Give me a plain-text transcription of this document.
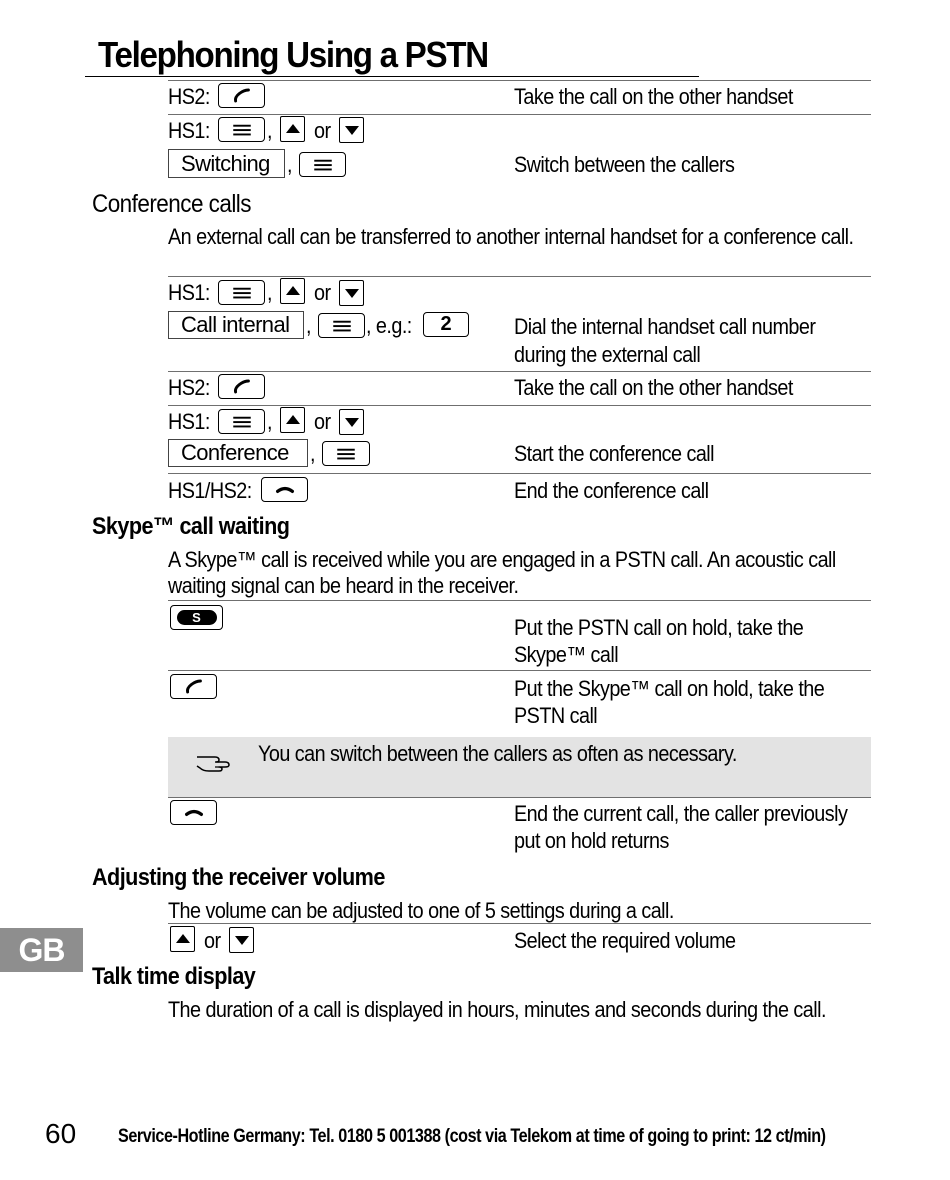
Telephoning Using a PSTN
HS2:	Take the call on the other handset
HS1:	, or
Switching ,	Switch between the callers
Conference calls
An external call can be transferred to another internal handset for a conference call.
HS1:	, or
Call internal ,	, e.g.:	2	Dial the internal handset call number during the external call
HS2:	Take the call on the other handset
HS1:	, or
Conference ,	Start the conference call
HS1/HS2:	End the conference call
Skype™ call waiting
A Skype™ call is received while you are engaged in a PSTN call. An acoustic call waiting signal can be heard in the receiver.
S	Put the PSTN call on hold, take the Skype™ call
Put the Skype™ call on hold, take the PSTN call
You can switch between the callers as often as necessary.
End the current call, the caller previously put on hold returns
Adjusting the receiver volume
The volume can be adjusted to one of 5 settings during a call.
or	Select the required volume
Talk time display
The duration of a call is displayed in hours, minutes and seconds during the call.
GB
60 Service-Hotline Germany: Tel. 0180 5 001388 (cost via Telekom at time of going to print: 12 ct/min)
